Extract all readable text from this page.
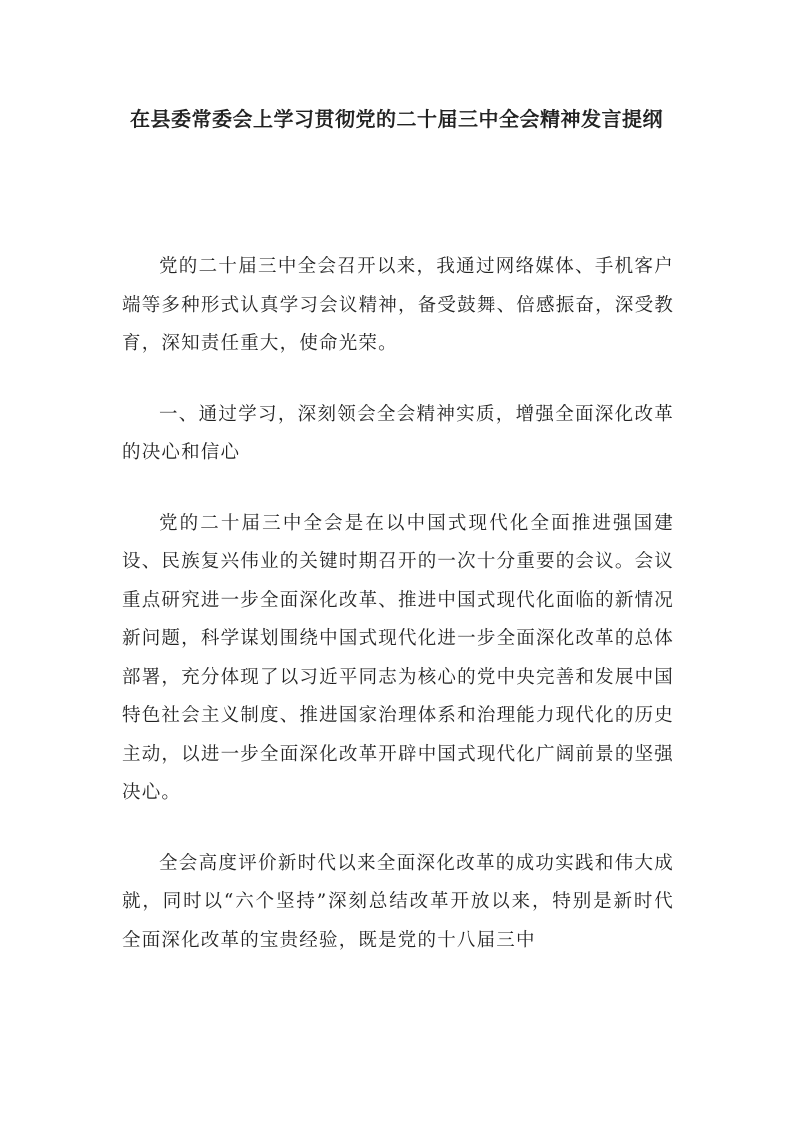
在县委常委会上学习贯彻党的二十届三中全会精神发言提纲

党的二十届三中全会召开以来，我通过网络媒体、手机客户端等多种形式认真学习会议精神，备受鼓舞、倍感振奋，深受教育，深知责任重大，使命光荣。

一、通过学习，深刻领会全会精神实质，增强全面深化改革的决心和信心

党的二十届三中全会是在以中国式现代化全面推进强国建设、民族复兴伟业的关键时期召开的一次十分重要的会议。会议重点研究进一步全面深化改革、推进中国式现代化面临的新情况新问题，科学谋划围绕中国式现代化进一步全面深化改革的总体部署，充分体现了以习近平同志为核心的党中央完善和发展中国特色社会主义制度、推进国家治理体系和治理能力现代化的历史主动，以进一步全面深化改革开辟中国式现代化广阔前景的坚强决心。

全会高度评价新时代以来全面深化改革的成功实践和伟大成就，同时以“六个坚持”深刻总结改革开放以来，特别是新时代全面深化改革的宝贵经验，既是党的十八届三中
